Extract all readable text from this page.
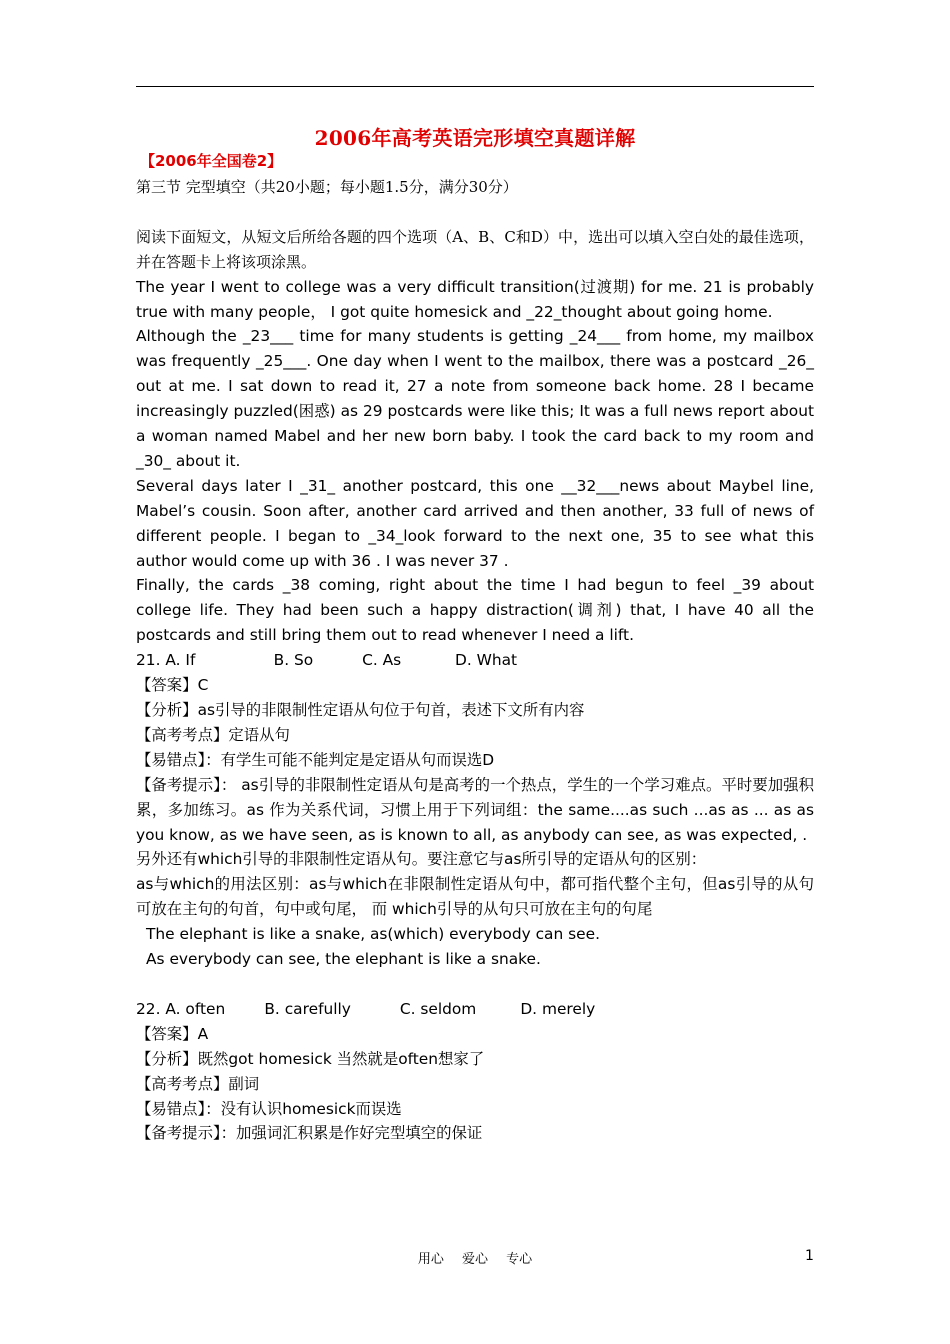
2006年高考英语完形填空真题详解
【2006年全国卷2】

第三节 完型填空（共20小题；每小题1.5分，满分30分）

阅读下面短文，从短文后所给各题的四个选项（A、B、C和D）中，选出可以填入空白处的最佳选项，并在答题卡上将该项涂黑。

The year I went to college was a very difficult transition(过渡期) for me. 21 is probably true with many people， I got quite homesick and _22_thought about going home.

Although the _23___ time for many students is getting _24___ from home, my mailbox was frequently _25___. One day when I went to the mailbox, there was a postcard _26_ out at me. I sat down to read it, 27 a note from someone back home. 28 I became increasingly puzzled(困惑) as 29 postcards were like this; It was a full news report about a woman named Mabel and her new born baby. I took the card back to my room and _30_ about it.

Several days later I _31_ another postcard, this one __32___news about Maybel line, Mabel’s cousin. Soon after, another card arrived and then another, 33 full of news of different people. I began to _34_look forward to the next one, 35 to see what this author would come up with 36 . I was never 37 .

Finally, the cards _38 coming, right about the time I had begun to feel _39 about college life. They had been such a happy distraction(调剂) that, I have 40 all the postcards and still bring them out to read whenever I need a lift.

21. A. If                B. So          C. As           D. What

【答案】C

【分析】as引导的非限制性定语从句位于句首，表述下文所有内容

【高考考点】定语从句

【易错点】：有学生可能不能判定是定语从句而误选D

【备考提示】： as引导的非限制性定语从句是高考的一个热点，学生的一个学习难点。平时要加强积累，多加练习。as 作为关系代词，习惯上用于下列词组：the same....as such ...as as ... as as you know, as we have seen, as is known to all, as anybody can see, as was expected, .

另外还有which引导的非限制性定语从句。要注意它与as所引导的定语从句的区别：

as与which的用法区别：as与which在非限制性定语从句中，都可指代整个主句，但as引导的从句可放在主句的句首，句中或句尾， 而 which引导的从句只可放在主句的句尾

The elephant is like a snake, as(which) everybody can see.

As everybody can see, the elephant is like a snake.

22. A. often        B. carefully          C. seldom         D. merely

【答案】A

【分析】既然got homesick 当然就是often想家了

【高考考点】副词

【易错点】：没有认识homesick而误选

【备考提示】：加强词汇积累是作好完型填空的保证

用心 爱心 专心	1
